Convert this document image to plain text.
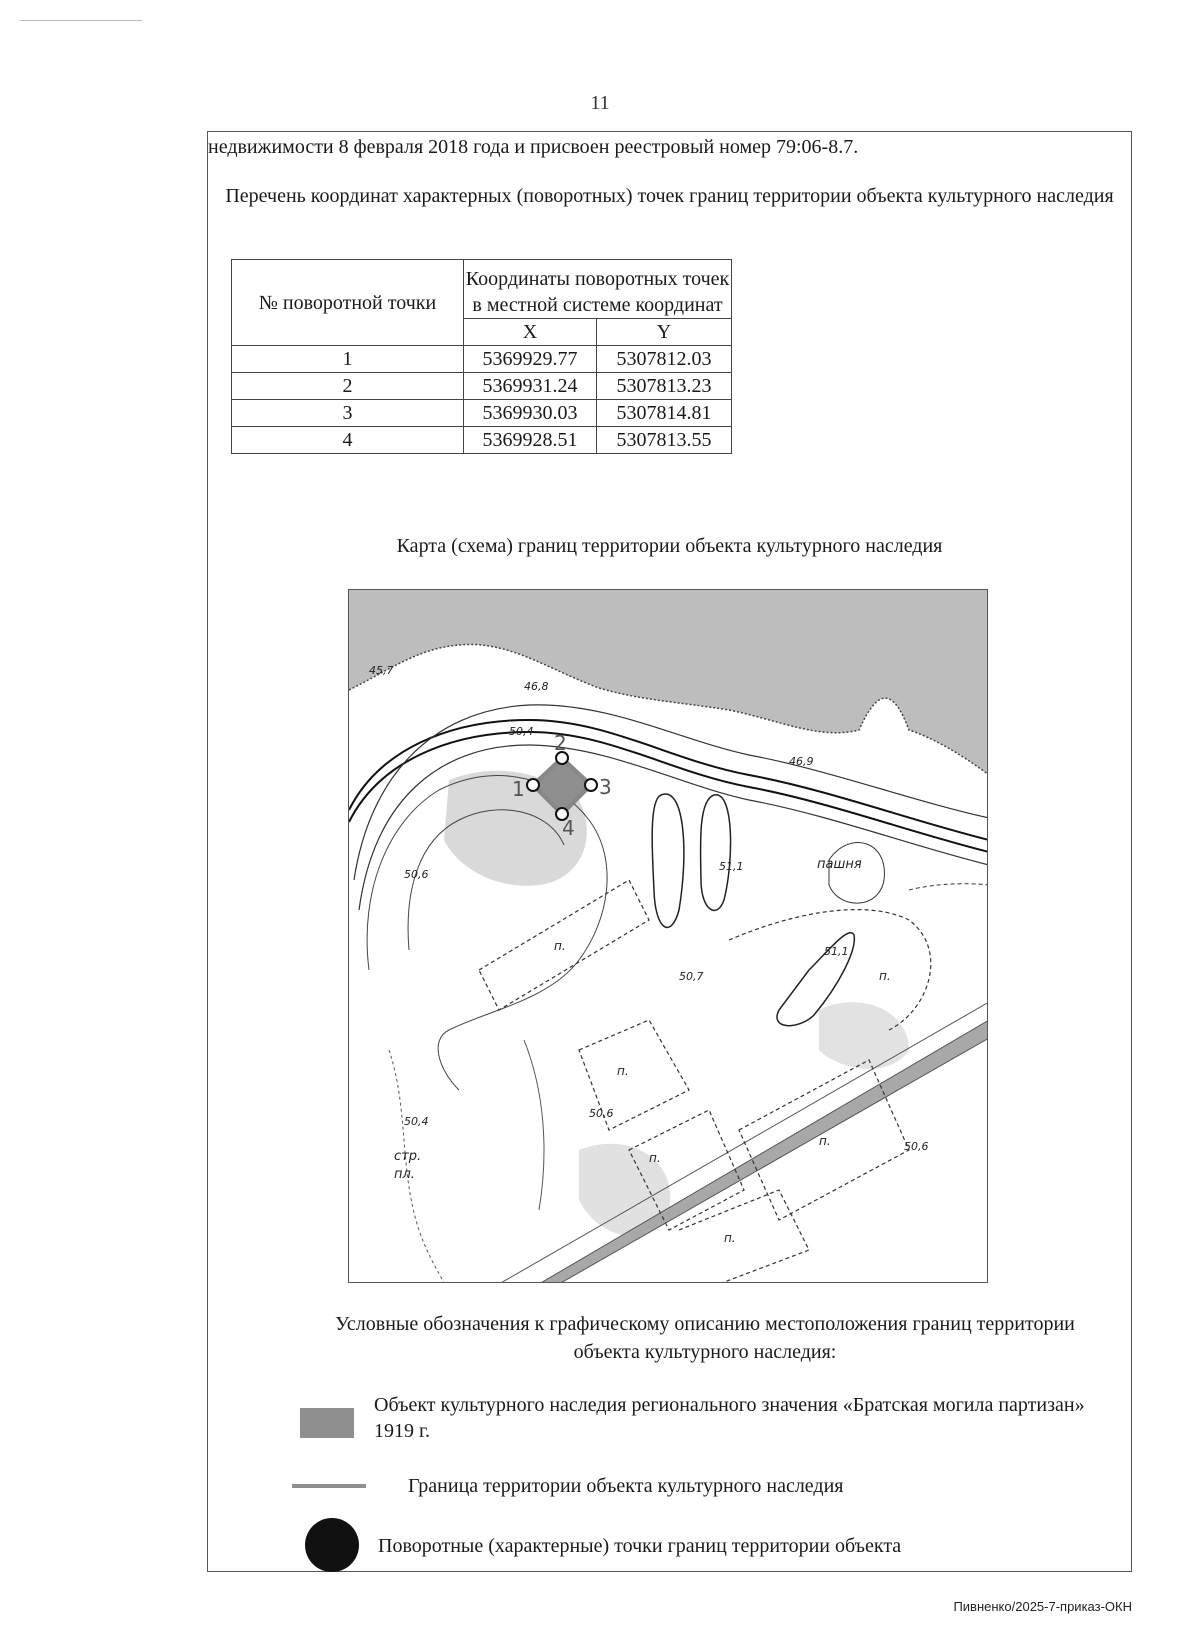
11
недвижимости 8 февраля 2018 года и присвоен реестровый номер 79:06-8.7.
Перечень координат характерных (поворотных) точек границ территории объекта культурного наследия
№ поворотной точки	Координаты поворотных точек в местной системе координат	
	X	Y
1	5369929.77	5307812.03
2	5369931.24	5307813.23
3	5369930.03	5307814.81
4	5369928.51	5307813.55
Карта (схема) границ территории объекта культурного наследия
1
2
3
4
45,7
46,8
50,4
46,9
50,6
51,1
50,7
51,1
50,4
50,6
50,6
пашня
п.
п.
п.
п.
п.
п.
стр.
пл.
Условные обозначения к графическому описанию местоположения границ территории объекта культурного наследия:
Объект культурного наследия регионального значения «Братская могила партизан» 1919 г.
Граница территории объекта культурного наследия
Поворотные (характерные) точки границ территории объекта
Пивненко/2025-7-приказ-ОКН
